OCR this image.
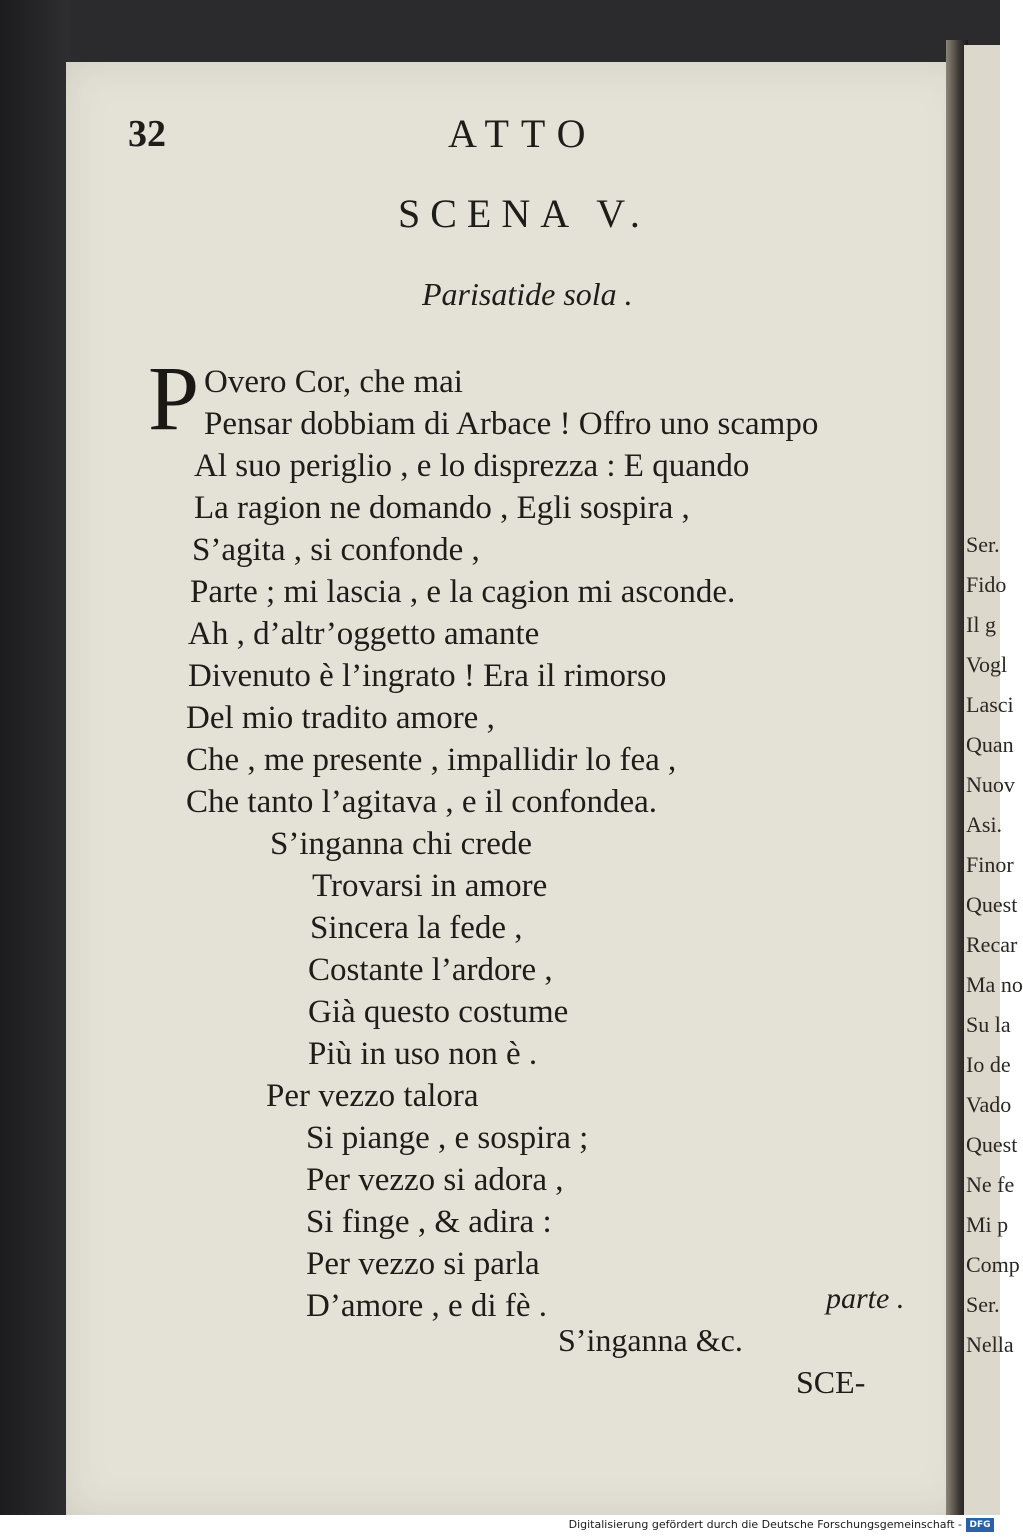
Ser.
Fido
Il g
Vogl
Lasci
Quan
Nuov
Asi.
Finor
Quest
Recar
Ma no
Su la
Io de
Vado
Quest
Ne fe
Mi p
Comp
Ser.
Nella
32	ATTO
SCENA V.
Parisatide sola .
P Overo Cor, che mai
Pensar dobbiam di Arbace ! Offro uno scampo
Al suo periglio , e lo disprezza : E quando
La ragion ne domando , Egli sospira ,
S’agita , si confonde ,
Parte ; mi lascia , e la cagion mi asconde.
Ah , d’altr’oggetto amante
Divenuto è l’ingrato ! Era il rimorso
Del mio tradito amore ,
Che , me presente , impallidir lo fea ,
Che tanto l’agitava , e il confondea.
S’inganna chi crede
Trovarsi in amore
Sincera la fede ,
Costante l’ardore ,
Già questo costume
Più in uso non è .
Per vezzo talora
Si piange , e sospira ;
Per vezzo si adora ,
Si finge , & adira :
Per vezzo si parla
D’amore , e di fè .	parte .
S’inganna &c.
SCE-
Digitalisierung gefördert durch die Deutsche Forschungsgemeinschaft - DFG
